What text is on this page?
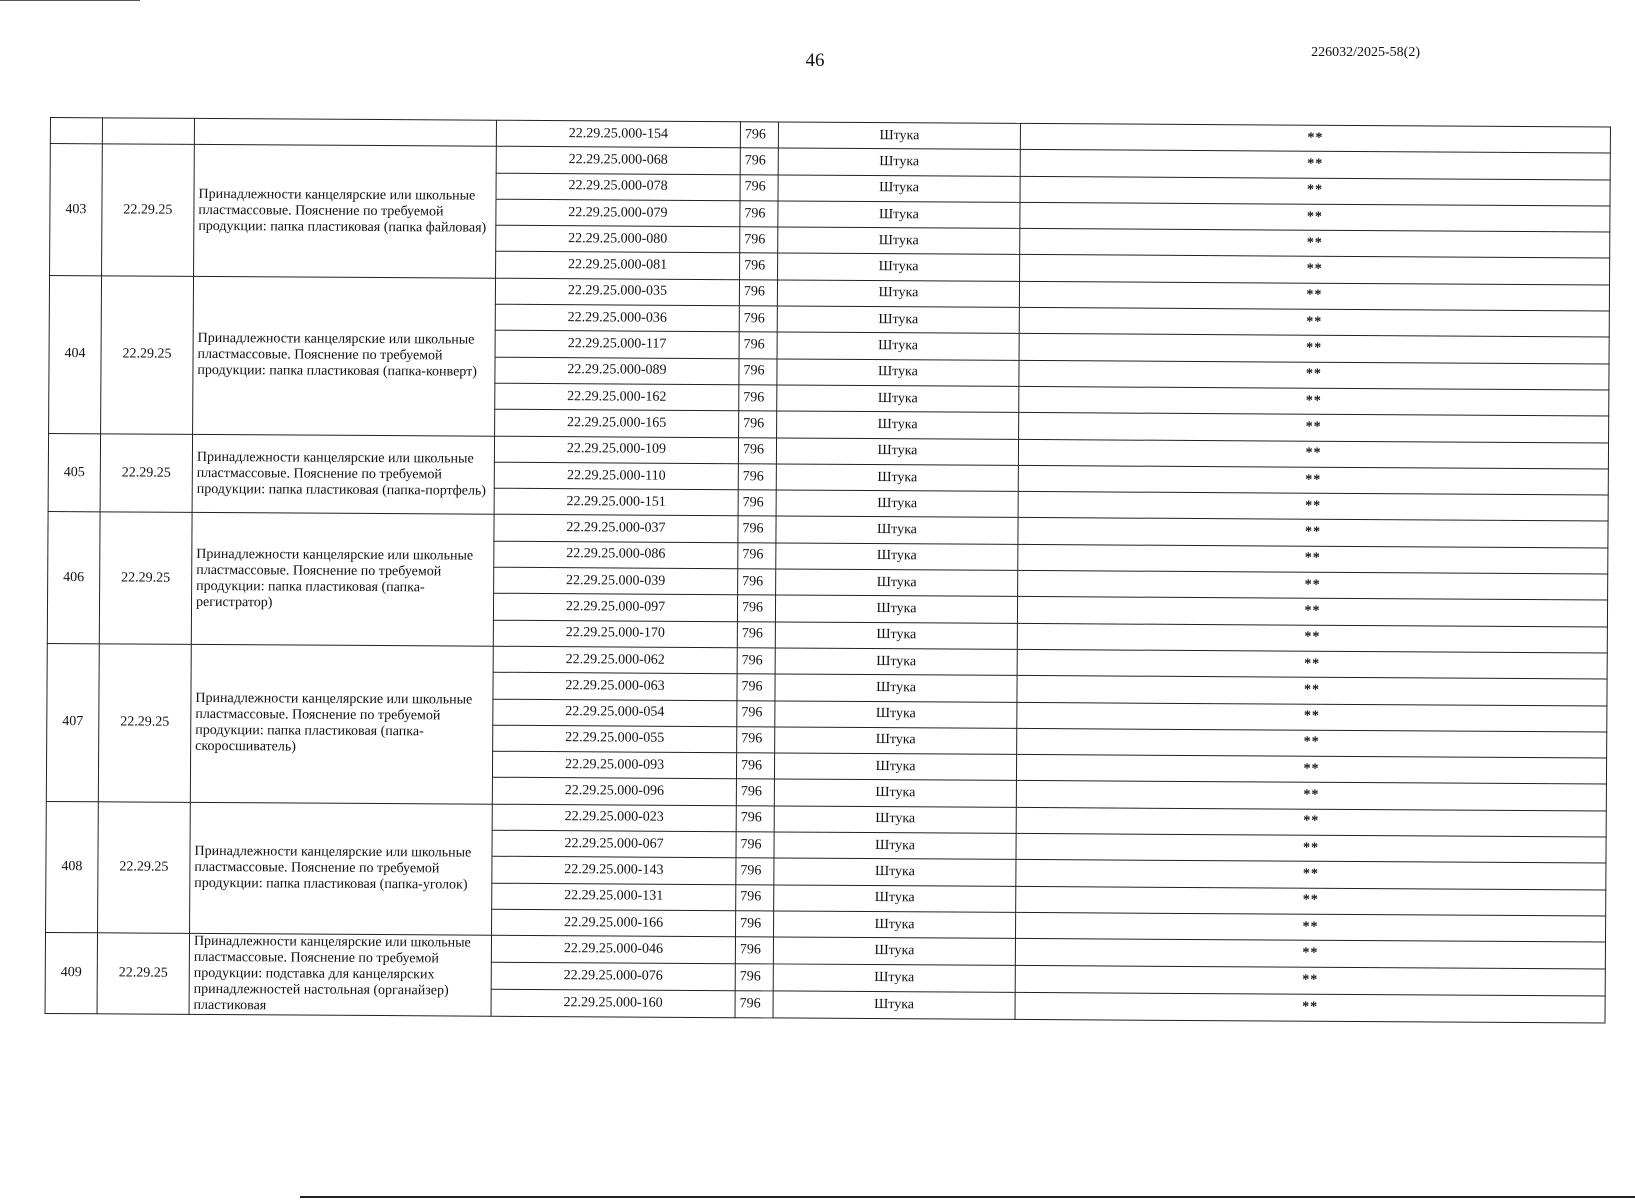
46	226032/2025-58(2)
			22.29.25.000-154	796	Штука	**
403	22.29.25	Принадлежности канцелярские или школьные пластмассовые. Пояснение по требуемой продукции: папка пластиковая (папка файловая)	22.29.25.000-068	796	Штука	**
			22.29.25.000-078	796	Штука	**
			22.29.25.000-079	796	Штука	**
			22.29.25.000-080	796	Штука	**
			22.29.25.000-081	796	Штука	**
404	22.29.25	Принадлежности канцелярские или школьные пластмассовые. Пояснение по требуемой продукции: папка пластиковая (папка-конверт)	22.29.25.000-035	796	Штука	**
			22.29.25.000-036	796	Штука	**
			22.29.25.000-117	796	Штука	**
			22.29.25.000-089	796	Штука	**
			22.29.25.000-162	796	Штука	**
			22.29.25.000-165	796	Штука	**
405	22.29.25	Принадлежности канцелярские или школьные пластмассовые. Пояснение по требуемой продукции: папка пластиковая (папка-портфель)	22.29.25.000-109	796	Штука	**
			22.29.25.000-110	796	Штука	**
			22.29.25.000-151	796	Штука	**
406	22.29.25	Принадлежности канцелярские или школьные пластмассовые. Пояснение по требуемой продукции: папка пластиковая (папка-регистратор)	22.29.25.000-037	796	Штука	**
			22.29.25.000-086	796	Штука	**
			22.29.25.000-039	796	Штука	**
			22.29.25.000-097	796	Штука	**
			22.29.25.000-170	796	Штука	**
407	22.29.25	Принадлежности канцелярские или школьные пластмассовые. Пояснение по требуемой продукции: папка пластиковая (папка-скоросшиватель)	22.29.25.000-062	796	Штука	**
			22.29.25.000-063	796	Штука	**
			22.29.25.000-054	796	Штука	**
			22.29.25.000-055	796	Штука	**
			22.29.25.000-093	796	Штука	**
			22.29.25.000-096	796	Штука	**
408	22.29.25	Принадлежности канцелярские или школьные пластмассовые. Пояснение по требуемой продукции: папка пластиковая (папка-уголок)	22.29.25.000-023	796	Штука	**
			22.29.25.000-067	796	Штука	**
			22.29.25.000-143	796	Штука	**
			22.29.25.000-131	796	Штука	**
			22.29.25.000-166	796	Штука	**
409	22.29.25	Принадлежности канцелярские или школьные пластмассовые. Пояснение по требуемой продукции: подставка для канцелярских принадлежностей настольная (органайзер) пластиковая	22.29.25.000-046	796	Штука	**
			22.29.25.000-076	796	Штука	**
			22.29.25.000-160	796	Штука	**
